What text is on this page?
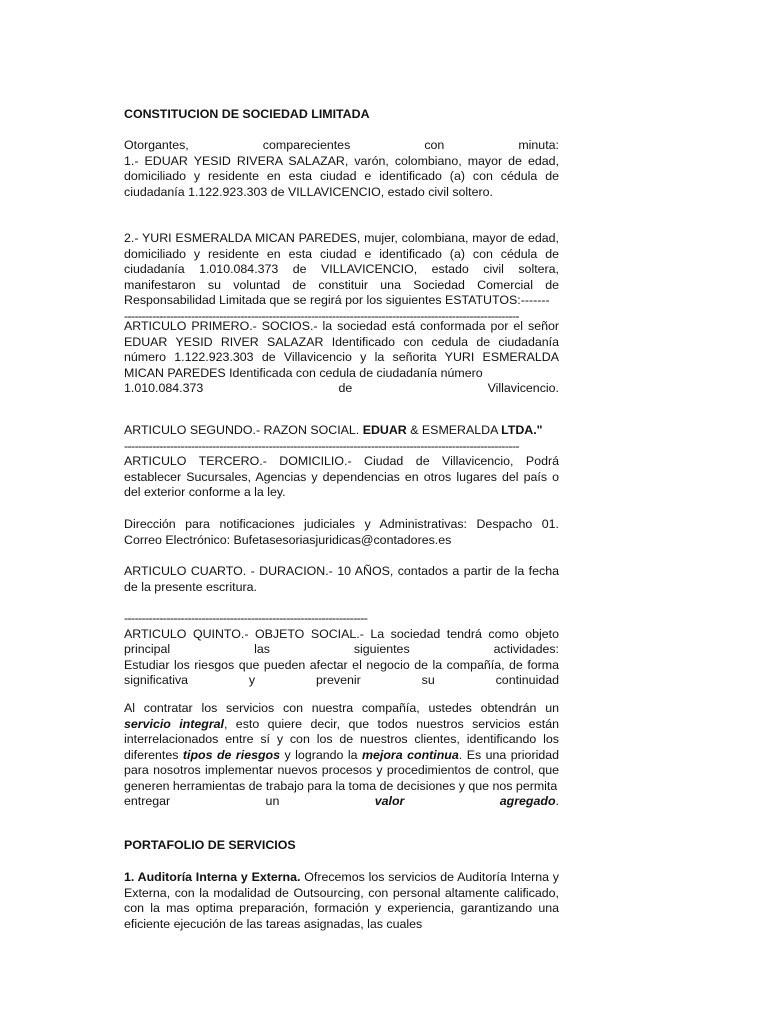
CONSTITUCION DE SOCIEDAD LIMITADA
Otorgantes,	comparecientes	con	minuta:
1.- EDUAR YESID RIVERA SALAZAR, varón, colombiano, mayor de edad, domiciliado y residente en esta ciudad e identificado (a) con cédula de ciudadanía 1.122.923.303 de VILLAVICENCIO, estado civil soltero.
2.- YURI ESMERALDA MICAN PAREDES, mujer, colombiana, mayor de edad, domiciliado y residente en esta ciudad e identificado (a) con cédula de ciudadanía 1.010.084.373 de VILLAVICENCIO, estado civil soltera, manifestaron su voluntad de constituir una Sociedad Comercial de Responsabilidad Limitada que se regirá por los siguientes ESTATUTOS:-------
----------------------------------------------------------------------------------------------------------------
ARTICULO PRIMERO.- SOCIOS.- la sociedad está conformada por el señor EDUAR YESID RIVER SALAZAR Identificado con cedula de ciudadanía número 1.122.923.303 de Villavicencio y la señorita YURI ESMERALDA MICAN PAREDES Identificada con cedula de ciudadanía número
1.010.084.373	de	Villavicencio.
ARTICULO SEGUNDO.- RAZON SOCIAL. EDUAR & ESMERALDA LTDA."
----------------------------------------------------------------------------------------------------------------
ARTICULO TERCERO.- DOMICILIO.- Ciudad de Villavicencio, Podrá establecer Sucursales, Agencias y dependencias en otros lugares del país o del exterior conforme a la ley.
Dirección para notificaciones judiciales y Administrativas: Despacho 01.
Correo Electrónico: Bufetasesoriasjuridicas@contadores.es
ARTICULO CUARTO. - DURACION.- 10 AÑOS, contados a partir de la fecha de la presente escritura.
---------------------------------------------------------------------
ARTICULO QUINTO.- OBJETO SOCIAL.- La sociedad tendrá como objeto
principal	las	siguientes	actividades:
Estudiar los riesgos que pueden afectar el negocio de la compañía, de forma
significativa	y	prevenir	su	continuidad
Al contratar los servicios con nuestra compañía, ustedes obtendrán un servicio integral, esto quiere decir, que todos nuestros servicios están interrelacionados entre sí y con los de nuestros clientes, identificando los diferentes tipos de riesgos y logrando la mejora continua. Es una prioridad para nosotros implementar nuevos procesos y procedimientos de control, que generen herramientas de trabajo para la toma de decisiones y que nos permita
entregar	un	valor	agregado.
PORTAFOLIO DE SERVICIOS
1. Auditoría Interna y Externa. Ofrecemos los servicios de Auditoría Interna y Externa, con la modalidad de Outsourcing, con personal altamente calificado, con la mas optima preparación, formación y experiencia, garantizando una eficiente ejecución de las tareas asignadas, las cuales
